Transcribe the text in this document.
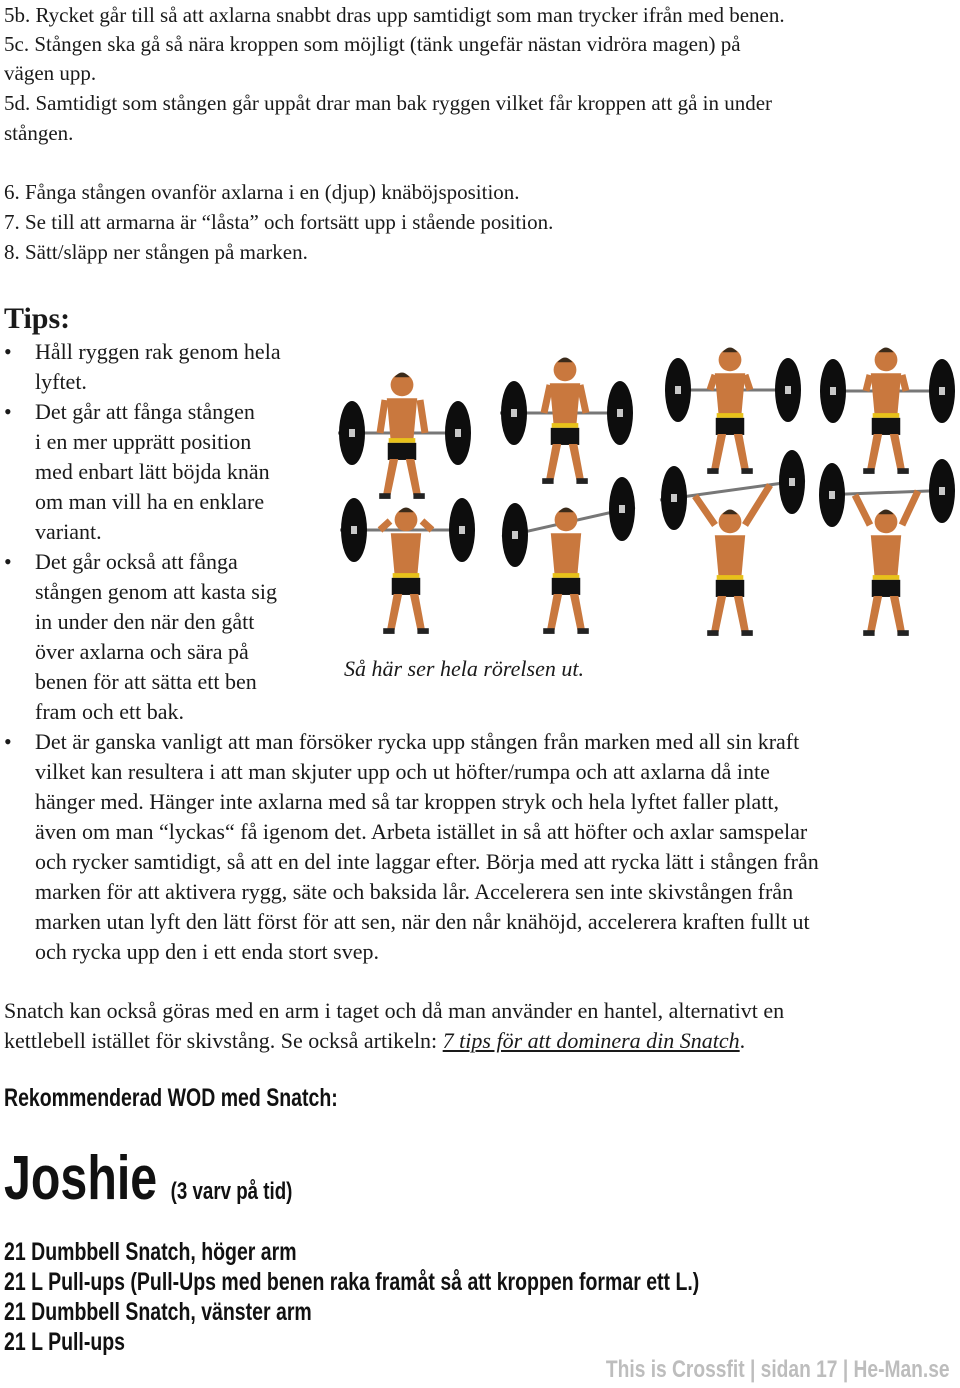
5b. Rycket går till så att axlarna snabbt dras upp samtidigt som man trycker ifrån med benen.
5c. Stången ska gå så nära kroppen som möjligt (tänk ungefär nästan vidröra magen) på
vägen upp.
5d. Samtidigt som stången går uppåt drar man bak ryggen vilket får kroppen att gå in under
stången.
6. Fånga stången ovanför axlarna i en (djup) knäböjsposition.
7. Se till att armarna är “låsta” och fortsätt upp i stående position.
8. Sätt/släpp ner stången på marken.
Tips:
• Håll ryggen rak genom hela
lyftet.
• Det går att fånga stången
i en mer upprätt position
med enbart lätt böjda knän
om man vill ha en enklare
variant.
• Det går också att fånga
stången genom att kasta sig
in under den när den gått
över axlarna och sära på
benen för att sätta ett ben
fram och ett bak.
• Det är ganska vanligt att man försöker rycka upp stången från marken med all sin kraft
vilket kan resultera i att man skjuter upp och ut höfter/rumpa och att axlarna då inte
hänger med. Hänger inte axlarna med så tar kroppen stryk och hela lyftet faller platt,
även om man “lyckas“ få igenom det. Arbeta istället in så att höfter och axlar samspelar
och rycker samtidigt, så att en del inte laggar efter. Börja med att rycka lätt i stången från
marken för att aktivera rygg, säte och baksida lår. Accelerera sen inte skivstången från
marken utan lyft den lätt först för att sen, när den når knähöjd, accelerera kraften fullt ut
och rycka upp den i ett enda stort svep.
Så här ser hela rörelsen ut.
Snatch kan också göras med en arm i taget och då man använder en hantel, alternativt en
kettlebell istället för skivstång. Se också artikeln: 7 tips för att dominera din Snatch.
Rekommenderad WOD med Snatch:
Joshie (3 varv på tid)
21 Dumbbell Snatch, höger arm
21 L Pull-ups (Pull-Ups med benen raka framåt så att kroppen formar ett L.)
21 Dumbbell Snatch, vänster arm
21 L Pull-ups
This is Crossfit | sidan 17 | He-Man.se
